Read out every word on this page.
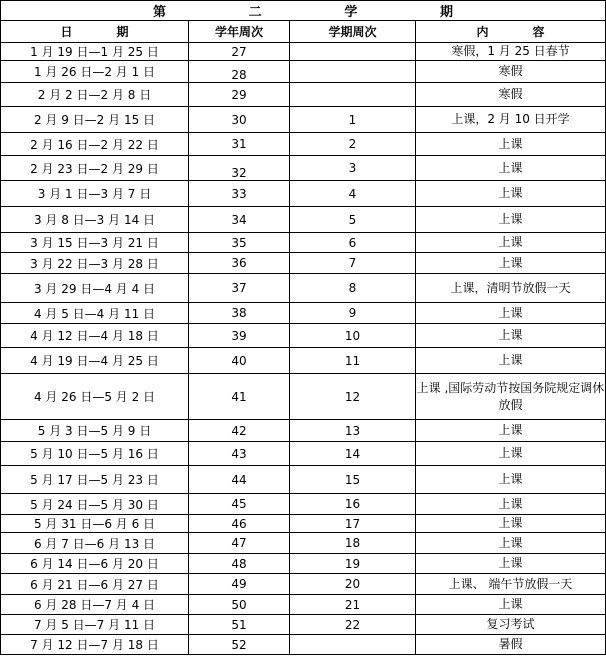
第 二 学 期			

日 期	学年周次	学期周次	内 容
1 月 19 日—1 月 25 日	27		寒假，1 月 25 日春节
1 月 26 日—2 月 1 日	28		寒假
2 月 2 日—2 月 8 日	29		寒假
2 月 9 日—2 月 15 日	30	1	上课，2 月 10 日开学
2 月 16 日—2 月 22 日	31	2	上课
2 月 23 日—2 月 29 日	32	3	上课
3 月 1 日—3 月 7 日	33	4	上课
3 月 8 日—3 月 14 日	34	5	上课
3 月 15 日—3 月 21 日	35	6	上课
3 月 22 日—3 月 28 日	36	7	上课
3 月 29 日—4 月 4 日	37	8	上课，清明节放假一天
4 月 5 日—4 月 11 日	38	9	上课
4 月 12 日—4 月 18 日	39	10	上课
4 月 19 日—4 月 25 日	40	11	上课
4 月 26 日—5 月 2 日	41	12	上课 ,国际劳动节按国务院规定调休放假
5 月 3 日—5 月 9 日	42	13	上课
5 月 10 日—5 月 16 日	43	14	上课
5 月 17 日—5 月 23 日	44	15	上课
5 月 24 日—5 月 30 日	45	16	上课
5 月 31 日—6 月 6 日	46	17	上课
6 月 7 日—6 月 13 日	47	18	上课
6 月 14 日—6 月 20 日	48	19	上课
6 月 21 日—6 月 27 日	49	20	上课、 端午节放假一天
6 月 28 日—7 月 4 日	50	21	上课
7 月 5 日—7 月 11 日	51	22	复习考试
7 月 12 日—7 月 18 日	52		暑假
